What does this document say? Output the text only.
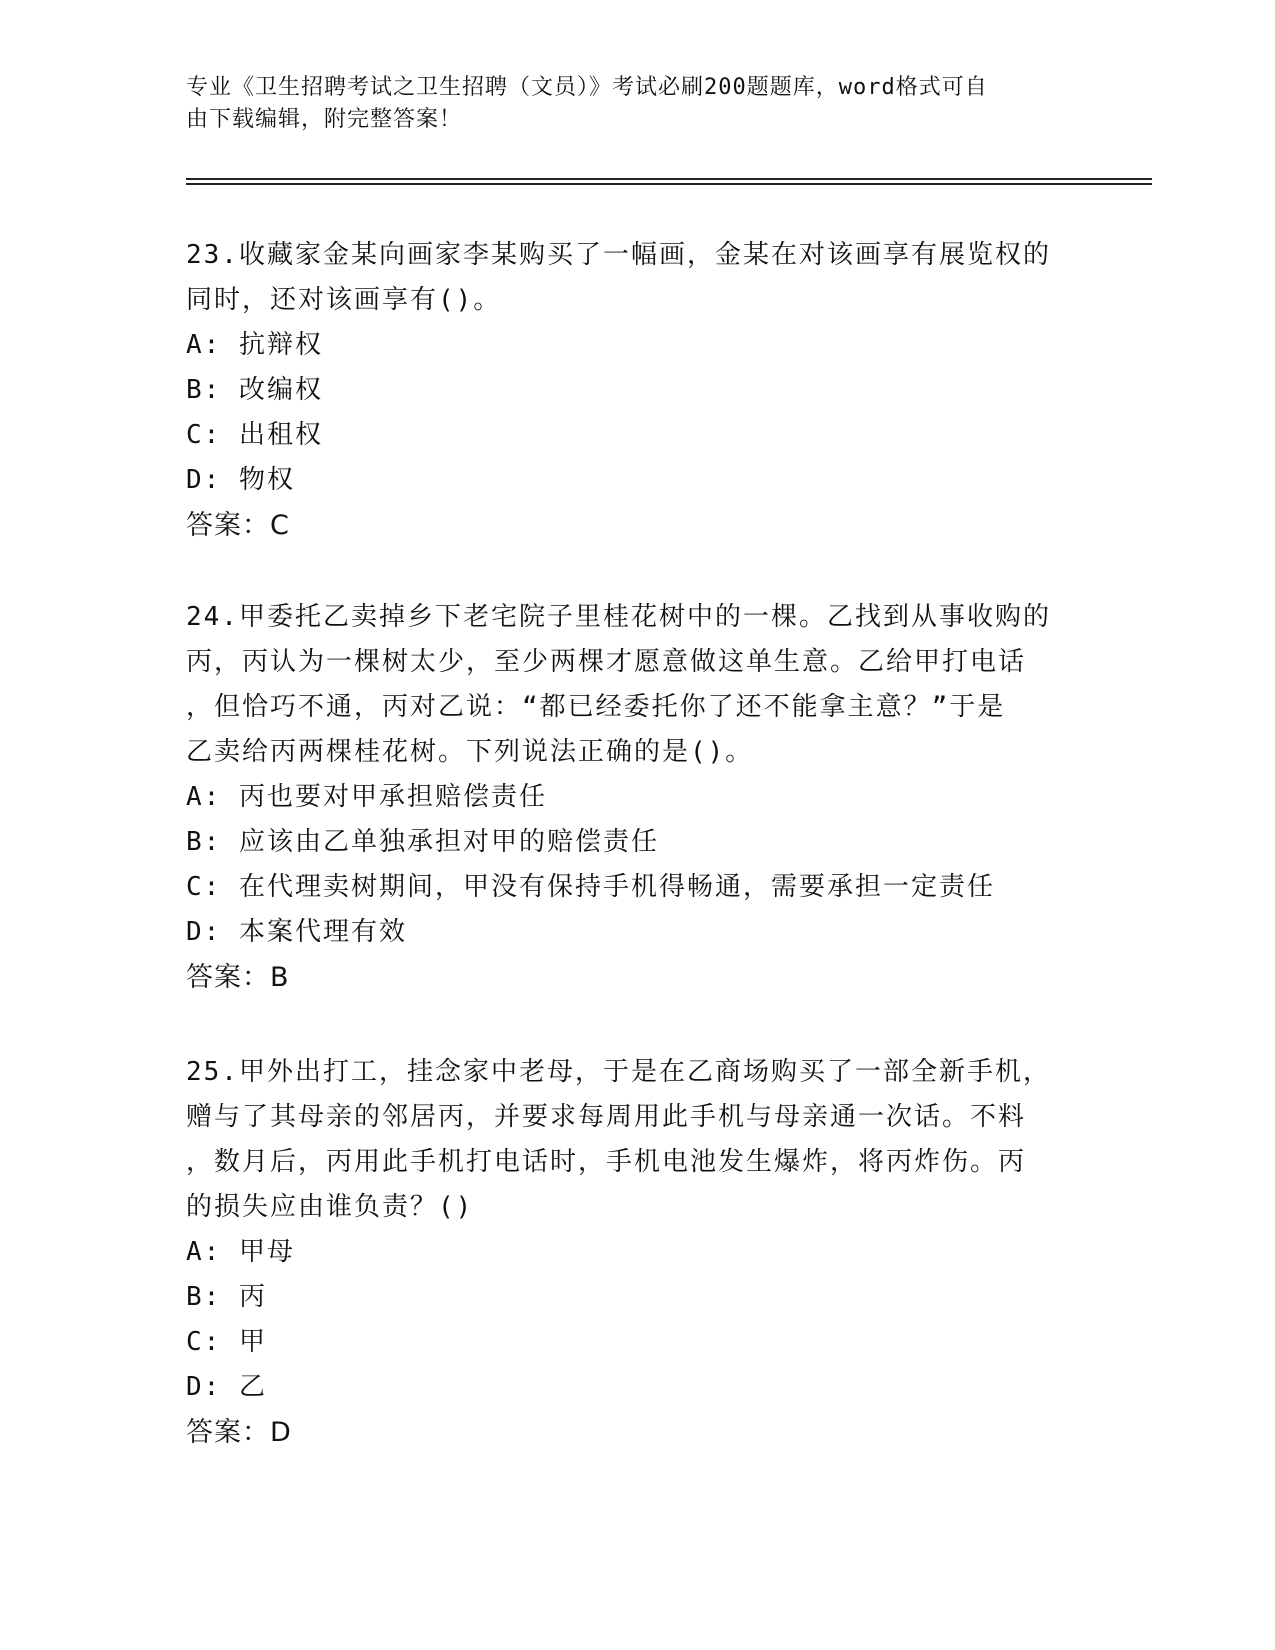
专业《卫生招聘考试之卫生招聘（文员）》考试必刷200题题库，word格式可自
由下载编辑，附完整答案！
23.收藏家金某向画家李某购买了一幅画，金某在对该画享有展览权的
同时，还对该画享有()。
A: 抗辩权
B: 改编权
C: 出租权
D: 物权
答案：C
24.甲委托乙卖掉乡下老宅院子里桂花树中的一棵。乙找到从事收购的
丙，丙认为一棵树太少，至少两棵才愿意做这单生意。乙给甲打电话
，但恰巧不通，丙对乙说：“都已经委托你了还不能拿主意？”于是
乙卖给丙两棵桂花树。下列说法正确的是()。
A: 丙也要对甲承担赔偿责任
B: 应该由乙单独承担对甲的赔偿责任
C: 在代理卖树期间，甲没有保持手机得畅通，需要承担一定责任
D: 本案代理有效
答案：B
25.甲外出打工，挂念家中老母，于是在乙商场购买了一部全新手机，
赠与了其母亲的邻居丙，并要求每周用此手机与母亲通一次话。不料
，数月后，丙用此手机打电话时，手机电池发生爆炸，将丙炸伤。丙
的损失应由谁负责？()
A: 甲母
B: 丙
C: 甲
D: 乙
答案：D
